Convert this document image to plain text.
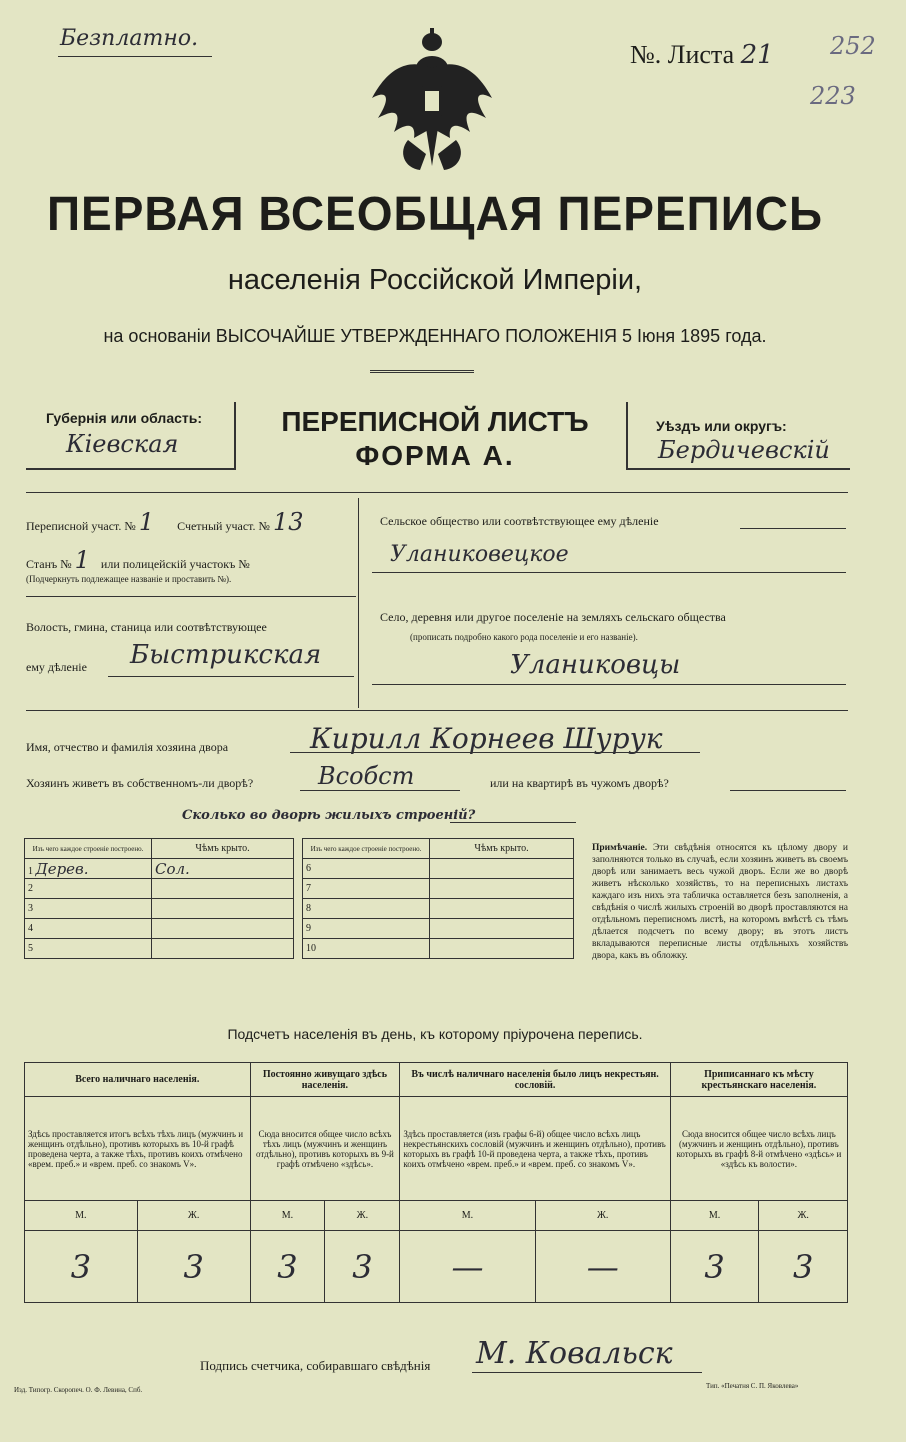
Безплатно.
№. Листа 21 252
223
ПЕРВАЯ ВСЕОБЩАЯ ПЕРЕПИСЬ
населенія Россійской Имперіи,
на основаніи ВЫСОЧАЙШЕ УТВЕРЖДЕННАГО ПОЛОЖЕНІЯ 5 Іюня 1895 года.
Губернія или область:
Кіевская
ПЕРЕПИСНОЙ ЛИСТЪ
ФОРМА А.
Уѣздъ или округъ:
Бердичевскій
Переписной участ. № 1 Счетный участ. № 13
Станъ № 1 или полицейскій участокъ №
(Подчеркнуть подлежащее названіе и проставить №).
Волость, гмина, станица или соотвѣтствующее
ему дѣленіе Быстрикская
Сельское общество или соотвѣтствующее ему дѣленіе
Уланиковецкое
Село, деревня или другое поселеніе на земляхъ сельскаго общества
(прописать подробно какого рода поселеніе и его названіе).
Уланиковцы
Имя, отчество и фамилія хозяина двора	Кирилл Корнеев Шурук
Хозяинъ живетъ въ собственномъ-ли дворѣ?	Всобст	или на квартирѣ въ чужомъ дворѣ?
Сколько во дворѣ жилыхъ строеній?
Изъ чего каждое строеніе построено.	Чѣмъ крыто.
1 Дерев.	Сол.
2	
3	
4	
5	
Изъ чего каждое строеніе построено.	Чѣмъ крыто.
6	
7	
8	
9	
10	
Примѣчаніе. Эти свѣдѣнія относятся къ цѣлому двору и заполняются только въ случаѣ, если хозяинъ живетъ въ своемъ дворѣ или занимаетъ весь чужой дворъ. Если же во дворѣ живетъ нѣсколько хозяйствъ, то на переписныхъ листахъ каждаго изъ нихъ эта табличка оставляется безъ заполненія, а свѣдѣнія о числѣ жилыхъ строеній во дворѣ проставляются на отдѣльномъ переписномъ листѣ, на которомъ вмѣстѣ съ тѣмъ дѣлается подсчетъ по всему двору; въ этотъ листъ вкладываются переписные листы отдѣльныхъ хозяйствъ двора, какъ въ обложку.
Подсчетъ населенія въ день, къ которому пріурочена перепись.
Всего наличнаго населенія.		Постоянно живущаго здѣсь населенія.		Въ числѣ наличнаго населенія было лицъ некрестьян. сословій.		Приписаннаго къ мѣсту крестьянскаго населенія.	
Здѣсь проставляется итогъ всѣхъ тѣхъ лицъ (мужчинъ и женщинъ отдѣльно), противъ которыхъ въ 10-й графѣ проведена черта, а также тѣхъ, противъ коихъ отмѣчено «врем. преб.» и «врем. преб. со знакомъ V».		Сюда вносится общее число всѣхъ тѣхъ лицъ (мужчинъ и женщинъ отдѣльно), противъ которыхъ въ 9-й графѣ отмѣчено «здѣсь».		Здѣсь проставляется (изъ графы 6-й) общее число всѣхъ лицъ некрестьянскихъ сословій (мужчинъ и женщинъ отдѣльно), противъ которыхъ въ графѣ 10-й проведена черта, а также тѣхъ, противъ коихъ отмѣчено «врем. преб.» и «врем. преб. со знакомъ V».		Сюда вносится общее число всѣхъ лицъ (мужчинъ и женщинъ отдѣльно), противъ которыхъ въ графѣ 8-й отмѣчено «здѣсь» и «здѣсь къ волости».	
М.	Ж.	М.	Ж.	М.	Ж.	М.	Ж.
3	3	3	3	—	—	3	3
Подпись счетчика, собиравшаго свѣдѣнія М. Ковальск
Изд. Типогр. Скоропеч. О. Ф. Левина, Спб.	Тип. «Печатня С. П. Яковлева»
